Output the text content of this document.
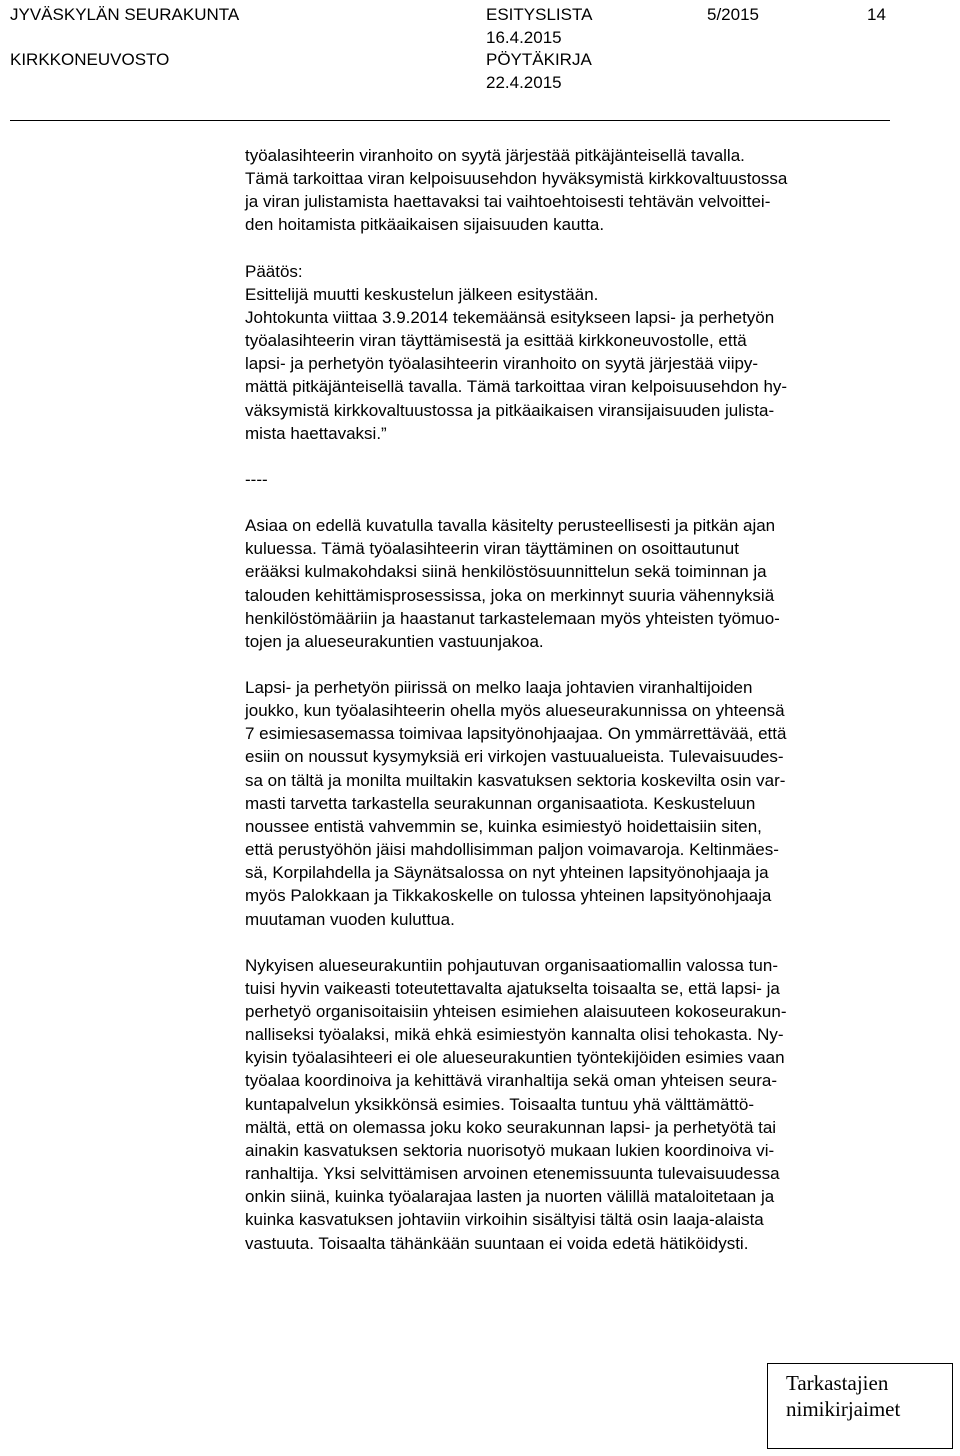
JYVÄSKYLÄN SEURAKUNTA
KIRKKONEUVOSTO
ESITYSLISTA
16.4.2015
PÖYTÄKIRJA
22.4.2015
5/2015	14

työalasihteerin viranhoito on syytä järjestää pitkäjänteisellä tavalla.
Tämä tarkoittaa viran kelpoisuusehdon hyväksymistä kirkkovaltuustossa
ja viran julistamista haettavaksi tai vaihtoehtoisesti tehtävän velvoittei-
den hoitamista pitkäaikaisen sijaisuuden kautta.

Päätös:

Esittelijä muutti keskustelun jälkeen esitystään.

Johtokunta viittaa 3.9.2014 tekemäänsä esitykseen lapsi- ja perhetyön
työalasihteerin viran täyttämisestä ja esittää kirkkoneuvostolle, että
lapsi- ja perhetyön työalasihteerin viranhoito on syytä järjestää viipy-
mättä pitkäjänteisellä tavalla. Tämä tarkoittaa viran kelpoisuusehdon hy-
väksymistä kirkkovaltuustossa ja pitkäaikaisen viransijaisuuden julista-
mista haettavaksi.”

----

Asiaa on edellä kuvatulla tavalla käsitelty perusteellisesti ja pitkän ajan
kuluessa. Tämä työalasihteerin viran täyttäminen on osoittautunut
erääksi kulmakohdaksi siinä henkilöstösuunnittelun sekä toiminnan ja
talouden kehittämisprosessissa, joka on merkinnyt suuria vähennyksiä
henkilöstömääriin ja haastanut tarkastelemaan myös yhteisten työmuo-
tojen ja alueseurakuntien vastuunjakoa.

Lapsi- ja perhetyön piirissä on melko laaja johtavien viranhaltijoiden
joukko, kun työalasihteerin ohella myös alueseurakunnissa on yhteensä
7 esimiesasemassa toimivaa lapsityönohjaajaa. On ymmärrettävää, että
esiin on noussut kysymyksiä eri virkojen vastuualueista. Tulevaisuudes-
sa on tältä ja monilta muiltakin kasvatuksen sektoria koskevilta osin var-
masti tarvetta tarkastella seurakunnan organisaatiota. Keskusteluun
noussee entistä vahvemmin se, kuinka esimiestyö hoidettaisiin siten,
että perustyöhön jäisi mahdollisimman paljon voimavaroja. Keltinmäes-
sä, Korpilahdella ja Säynätsalossa on nyt yhteinen lapsityönohjaaja ja
myös Palokkaan ja Tikkakoskelle on tulossa yhteinen lapsityönohjaaja
muutaman vuoden kuluttua.

Nykyisen alueseurakuntiin pohjautuvan organisaatiomallin valossa tun-
tuisi hyvin vaikeasti toteutettavalta ajatukselta toisaalta se, että lapsi- ja
perhetyö organisoitaisiin yhteisen esimiehen alaisuuteen kokoseurakun-
nalliseksi työalaksi, mikä ehkä esimiestyön kannalta olisi tehokasta. Ny-
kyisin työalasihteeri ei ole alueseurakuntien työntekijöiden esimies vaan
työalaa koordinoiva ja kehittävä viranhaltija sekä oman yhteisen seura-
kuntapalvelun yksikkönsä esimies. Toisaalta tuntuu yhä välttämättö-
mältä, että on olemassa joku koko seurakunnan lapsi- ja perhetyötä tai
ainakin kasvatuksen sektoria nuorisotyö mukaan lukien koordinoiva vi-
ranhaltija. Yksi selvittämisen arvoinen etenemissuunta tulevaisuudessa
onkin siinä, kuinka työalarajaa lasten ja nuorten välillä mataloitetaan ja
kuinka kasvatuksen johtaviin virkoihin sisältyisi tältä osin laaja-alaista
vastuuta. Toisaalta tähänkään suuntaan ei voida edetä hätiköidysti.

Tarkastajien
nimikirjaimet
